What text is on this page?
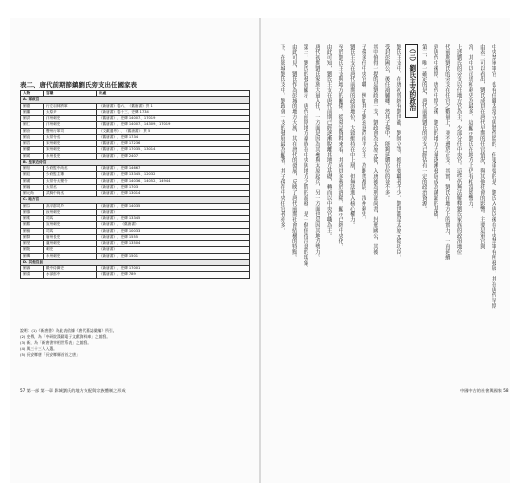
表二、唐代前期節鎮劉氏旁支出任國家表
人物	官職	出處
A. 軍政官		
劉德	行左羽林將軍	《新唐書》卷六、《舊唐書》頁 1
劉繼	太原尹	《新唐書》卷十三、史傳 1734
劉洪	汴州刺史	《舊唐書》、史傳 14007、17019
劉仁	汴州刺史	《舊唐書》、史傳 14007、14309、17019
劉汾	豐州行軍司	《文獻通考》、《舊唐書》 頁 5
劉直	太常寺丞	《舊唐書》、史傳 1734
劉宮	宋州刺史	《舊唐書》、史傳 17236
劉儼	宋州刺史	《舊唐書》、史傳 17035、13014
劉瑗	永州長史	《新唐書》、史傳 2407
B. 皇家近侍官		
劉信	少府監中尚丞	《新唐書》、史傳 14667
劉辰	少府監主簿	《新唐書》、史傳 13345、12032
劉漢	太常寺太樂令	《新唐書》、史傳 14036、14052、14944
劉瀚	太常丞	《新唐書》、史傳 1703
劉元尚	武騎中尚丞	《新唐書》、史傳 13014
C. 地方官		
劉芬	高平郡司戶	《新唐書》、史傳 14035
劉慎	汝州刺史	《新唐書》
劉柔	司馬	《新唐書》、史傳 13345
劉勝	宣州刺史	《新唐書》、《舊唐書》
劉儉	司馬	《新唐書》、史傳 10033
劉贊	唐州長史	《新唐書》、史傳 1555
劉瑩	盧州刺史	《新唐書》、史傳 13504
劉陵	刺史	《新唐書》
劉傳	永州刺史	《新唐書》、史傳 1501
D. 其他官員		
劉壽	殿中侍御史	《新唐書》、史傳 17001
劉清	水部郎中	《舊唐書》、史傳 789
說明：(1)《新唐書》為此表依據《唐代墓誌彙編》所引。
(2) 史傳，為「中研院漢籍電子文獻資料庫」之縮寫。
(3) 新，為「新唐書宰相世系表」之縮寫。
(4) 與三十三人入選。
(5) 長安鄉唐「長安鄉縣首首之唐」
57 第一部 第一章 影城劉氏的地方支配與宗族體制之形成
中央禁軍軍官，也有任職太常寺與將作監的，但更重要的是，劉氏入唐以後在中央禁軍有所發展，其在唐代早期
由表二可以看出，劉氏成員在唐代早期的任官情況，與其他社會的影響。主要是軍官與
宮，其中以司馬和刺史為最多，這顯示劉氏在地方上仍有相當影響力。
上述劉氏的旁支以任地方官為主，少部分任中央官。這些仍無法解釋劉氏家族的政治地位
代前期劉氏的旁支在任官之數量上，並不遜於正支。其實，劉氏在地方上的實力，一直延續
到唐代中後期。唐代中期之後，劉氏的地方力量逐漸發展成為藩鎮的基礎。
第二，唯一確定的是，唐代前期劉氏的旁支已經佔有一定的政治資源。
（三）劉氏主支的政治
劉氏主支中，在唐初曾經有劉世龍、劉師立等，擔任要職者不少。劉世龍是太原元從功臣，
受封彭國公，後任鴻臚卿。然其子孫中，能夠延續官位的並不多。
其中值得一提的是劉政會一支，劉政會為太原元從，入唐後為刑部尚書，封邢國公，其後
子孫多任中央官職，例如其子劉玄意尚南平公主，為駙馬都尉，汝州刺史。
劉氏主支在唐代前期的政治地位，大致維持在中上層，但無法進入核心權力。
至於劉氏主支與地方的關係，從墓誌資料來看，其成員多葬於洛陽，顯示已經中央化。
由此可知，劉氏主支在唐代前期已經逐漸脫離其地方基礎，轉而以中央官職為主。
唐代初期劉氏家族大量入仕，一方面是因為其參與太原起兵，另一方面也是因其地方勢力。
第三，劉氏的發展顯示，唐代前期地方豪族在中央與地方之間的游移，是一個值得注意的現象。
由此可見，劉氏作為彭城的地方大族，其在唐代的發展，反映了唐代前期社會結構的特點。
下，在影城劉氏支中，劉政會一支的發展最為顯著，其子孫在中央任官者亦多。
中國中古的社會與國家 58
